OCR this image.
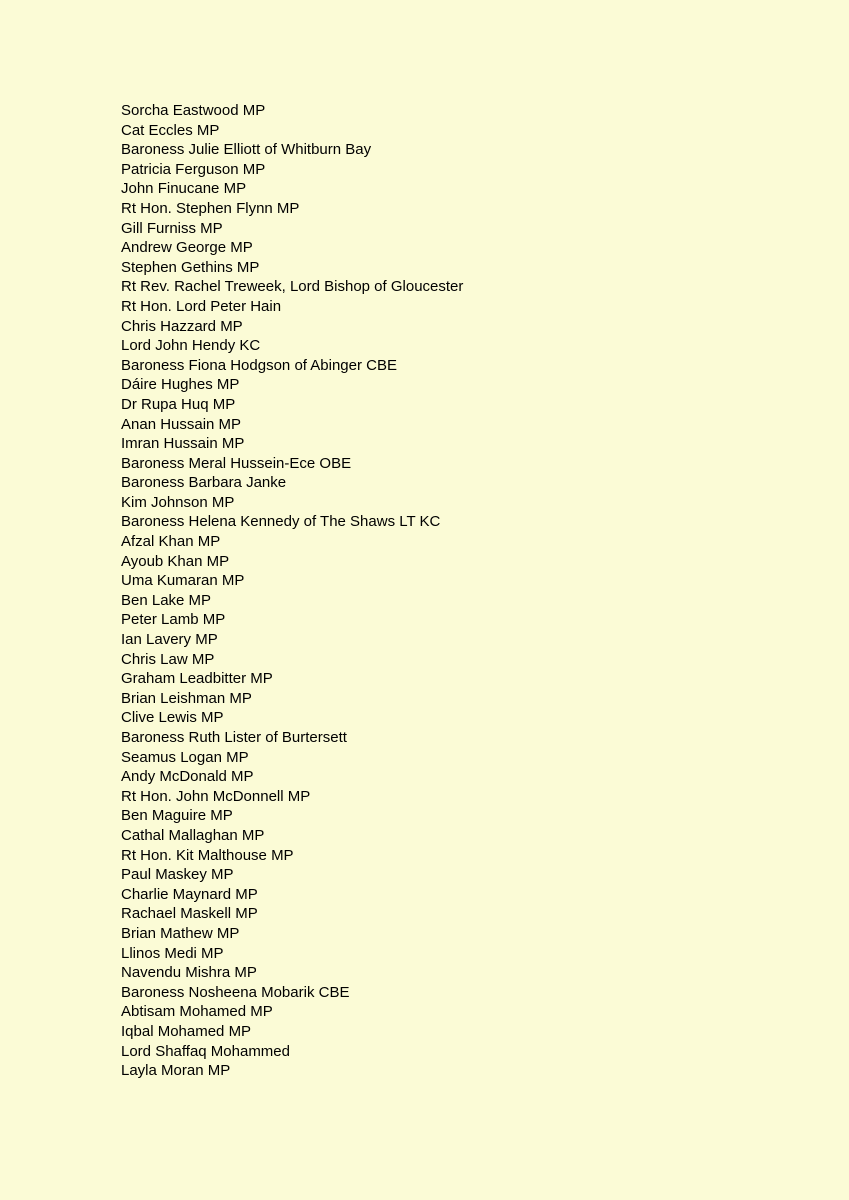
Sorcha Eastwood MP
Cat Eccles MP
Baroness Julie Elliott of Whitburn Bay
Patricia Ferguson MP
John Finucane MP
Rt Hon. Stephen Flynn MP
Gill Furniss MP
Andrew George MP
Stephen Gethins MP
Rt Rev. Rachel Treweek, Lord Bishop of Gloucester
Rt Hon. Lord Peter Hain
Chris Hazzard MP
Lord John Hendy KC
Baroness Fiona Hodgson of Abinger CBE
Dáire Hughes MP
Dr Rupa Huq MP
Anan Hussain MP
Imran Hussain MP
Baroness Meral Hussein-Ece OBE
Baroness Barbara Janke
Kim Johnson MP
Baroness Helena Kennedy of The Shaws LT KC
Afzal Khan MP
Ayoub Khan MP
Uma Kumaran MP
Ben Lake MP
Peter Lamb MP
Ian Lavery MP
Chris Law MP
Graham Leadbitter MP
Brian Leishman MP
Clive Lewis MP
Baroness Ruth Lister of Burtersett
Seamus Logan MP
Andy McDonald MP
Rt Hon. John McDonnell MP
Ben Maguire MP
Cathal Mallaghan MP
Rt Hon. Kit Malthouse MP
Paul Maskey MP
Charlie Maynard MP
Rachael Maskell MP
Brian Mathew MP
Llinos Medi MP
Navendu Mishra MP
Baroness Nosheena Mobarik CBE
Abtisam Mohamed MP
Iqbal Mohamed MP
Lord Shaffaq Mohammed
Layla Moran MP
